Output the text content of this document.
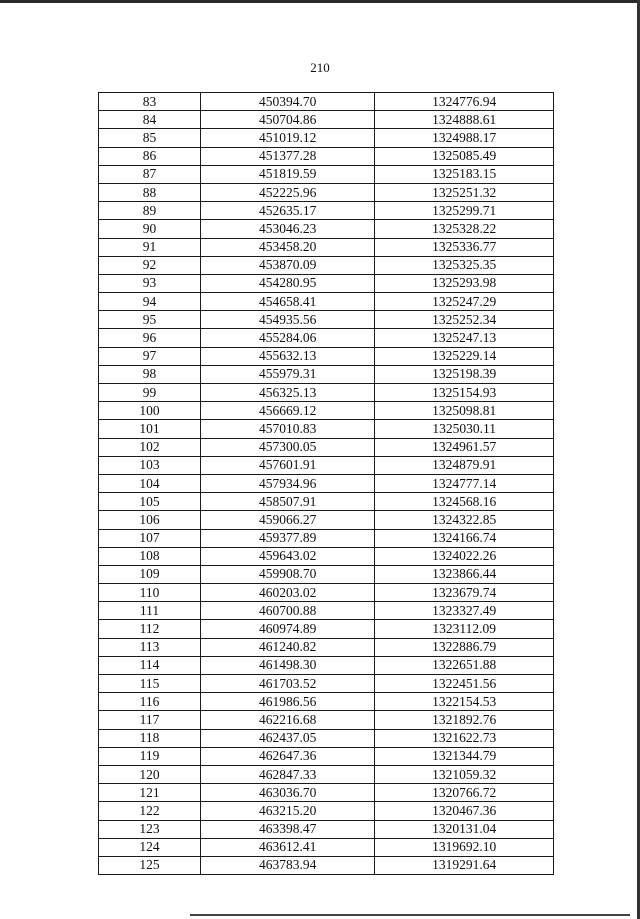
210
83	450394.70	1324776.94
84	450704.86	1324888.61
85	451019.12	1324988.17
86	451377.28	1325085.49
87	451819.59	1325183.15
88	452225.96	1325251.32
89	452635.17	1325299.71
90	453046.23	1325328.22
91	453458.20	1325336.77
92	453870.09	1325325.35
93	454280.95	1325293.98
94	454658.41	1325247.29
95	454935.56	1325252.34
96	455284.06	1325247.13
97	455632.13	1325229.14
98	455979.31	1325198.39
99	456325.13	1325154.93
100	456669.12	1325098.81
101	457010.83	1325030.11
102	457300.05	1324961.57
103	457601.91	1324879.91
104	457934.96	1324777.14
105	458507.91	1324568.16
106	459066.27	1324322.85
107	459377.89	1324166.74
108	459643.02	1324022.26
109	459908.70	1323866.44
110	460203.02	1323679.74
111	460700.88	1323327.49
112	460974.89	1323112.09
113	461240.82	1322886.79
114	461498.30	1322651.88
115	461703.52	1322451.56
116	461986.56	1322154.53
117	462216.68	1321892.76
118	462437.05	1321622.73
119	462647.36	1321344.79
120	462847.33	1321059.32
121	463036.70	1320766.72
122	463215.20	1320467.36
123	463398.47	1320131.04
124	463612.41	1319692.10
125	463783.94	1319291.64
